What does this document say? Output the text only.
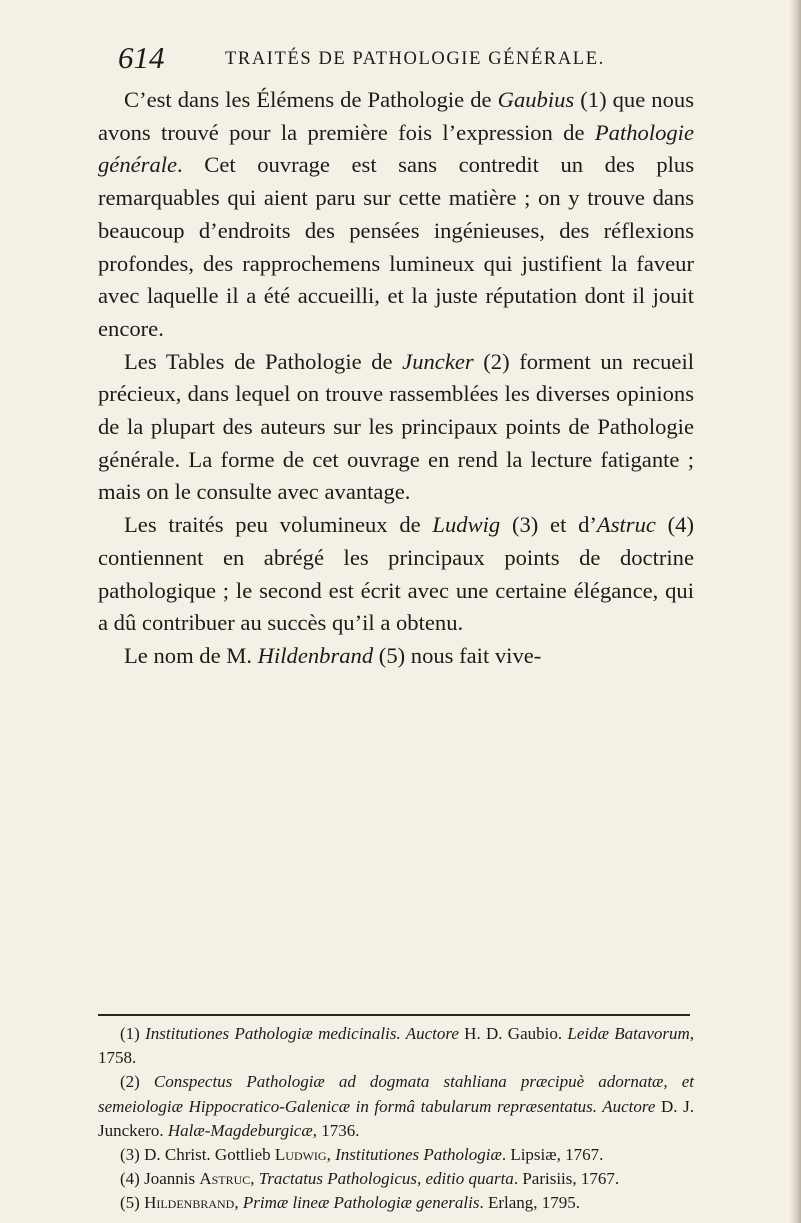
614	TRAITÉS DE PATHOLOGIE GÉNÉRALE.

C’est dans les Élémens de Pathologie de Gaubius (1) que nous avons trouvé pour la première fois l’expression de Pathologie générale. Cet ouvrage est sans contredit un des plus remarquables qui aient paru sur cette matière ; on y trouve dans beaucoup d’endroits des pensées ingénieuses, des réflexions profondes, des rapprochemens lumineux qui justifient la faveur avec laquelle il a été accueilli, et la juste réputation dont il jouit encore.

Les Tables de Pathologie de Juncker (2) forment un recueil précieux, dans lequel on trouve rassemblées les diverses opinions de la plupart des auteurs sur les principaux points de Pathologie générale. La forme de cet ouvrage en rend la lecture fatigante ; mais on le consulte avec avantage.

Les traités peu volumineux de Ludwig (3) et d’Astruc (4) contiennent en abrégé les principaux points de doctrine pathologique ; le second est écrit avec une certaine élégance, qui a dû contribuer au succès qu’il a obtenu.

Le nom de M. Hildenbrand (5) nous fait vive-

(1) Institutiones Pathologiæ medicinalis. Auctore H. D. Gaubio. Leidæ Batavorum, 1758.

(2) Conspectus Pathologiæ ad dogmata stahliana præcipuè adornatæ, et semeiologiæ Hippocratico-Galenicæ in formâ tabularum repræsentatus. Auctore D. J. Junckero. Halæ-Magdeburgicæ, 1736.

(3) D. Christ. Gottlieb Ludwig, Institutiones Pathologiæ. Lipsiæ, 1767.

(4) Joannis Astruc, Tractatus Pathologicus, editio quarta. Parisiis, 1767.

(5) Hildenbrand, Primæ lineæ Pathologiæ generalis. Erlang, 1795.
